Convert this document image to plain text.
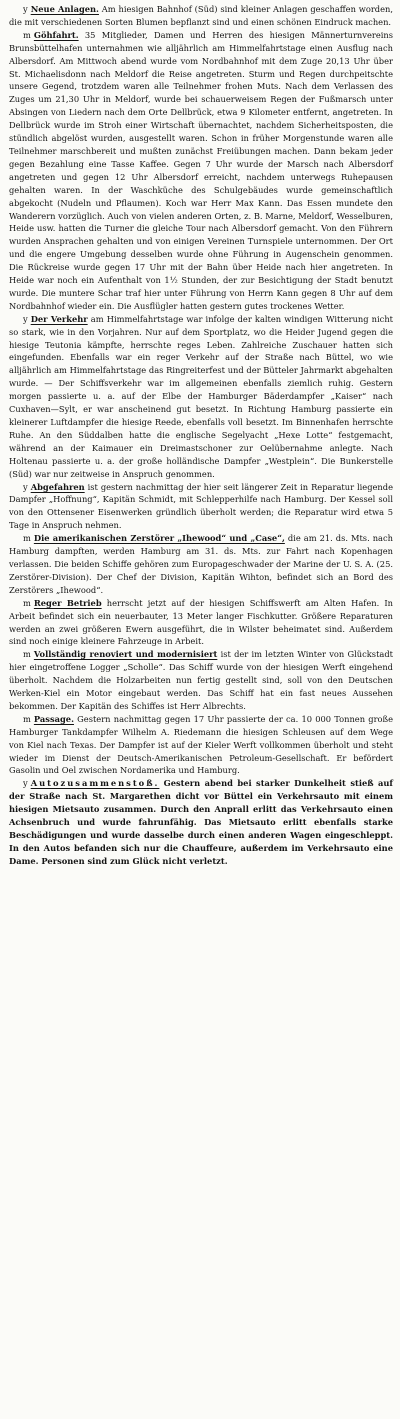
y Neue Anlagen. Am hiesigen Bahnhof (Süd) sind kleiner Anlagen geschaffen worden, die mit verschiedenen Sorten Blumen bepflanzt sind und einen schönen Eindruck machen.

m Göhfahrt. 35 Mitglieder, Damen und Herren des hiesigen Männerturnvereins Brunsbüttelhafen unternahmen wie alljährlich am Himmelfahrtstage einen Ausflug nach Albersdorf. Am Mittwoch abend wurde vom Nordbahnhof mit dem Zuge 20,13 Uhr über St. Michaelisdonn nach Meldorf die Reise angetreten. Sturm und Regen durchpeitschte unsere Gegend, trotzdem waren alle Teilnehmer frohen Muts. Nach dem Verlassen des Zuges um 21,30 Uhr in Meldorf, wurde bei schauerweisem Regen der Fußmarsch unter Absingen von Liedern nach dem Orte Dellbrück, etwa 9 Kilometer entfernt, angetreten. In Dellbrück wurde im Stroh einer Wirtschaft übernachtet, nachdem Sicherheitsposten, die stündlich abgelöst wurden, ausgestellt waren. Schon in früher Morgenstunde waren alle Teilnehmer marschbereit und mußten zunächst Freiübungen machen. Dann bekam jeder gegen Bezahlung eine Tasse Kaffee. Gegen 7 Uhr wurde der Marsch nach Albersdorf angetreten und gegen 12 Uhr Albersdorf erreicht, nachdem unterwegs Ruhepausen gehalten waren. In der Waschküche des Schulgebäudes wurde gemeinschaftlich abgekocht (Nudeln und Pflaumen). Koch war Herr Max Kann. Das Essen mundete den Wanderern vorzüglich. Auch von vielen anderen Orten, z. B. Marne, Meldorf, Wesselburen, Heide usw. hatten die Turner die gleiche Tour nach Albersdorf gemacht. Von den Führern wurden Ansprachen gehalten und von einigen Vereinen Turnspiele unternommen. Der Ort und die engere Umgebung desselben wurde ohne Führung in Augenschein genommen. Die Rückreise wurde gegen 17 Uhr mit der Bahn über Heide nach hier angetreten. In Heide war noch ein Aufenthalt von 1½ Stunden, der zur Besichtigung der Stadt benutzt wurde. Die muntere Schar traf hier unter Führung von Herrn Kann gegen 8 Uhr auf dem Nordbahnhof wieder ein. Die Ausflügler hatten gestern gutes trockenes Wetter.

y Der Verkehr am Himmelfahrtstage war infolge der kalten windigen Witterung nicht so stark, wie in den Vorjahren. Nur auf dem Sportplatz, wo die Heider Jugend gegen die hiesige Teutonia kämpfte, herrschte reges Leben. Zahlreiche Zuschauer hatten sich eingefunden. Ebenfalls war ein reger Verkehr auf der Straße nach Büttel, wo wie alljährlich am Himmelfahrtstage das Ringreiterfest und der Bütteler Jahrmarkt abgehalten wurde. — Der Schiffsverkehr war im allgemeinen ebenfalls ziemlich ruhig. Gestern morgen passierte u. a. auf der Elbe der Hamburger Bäderdampfer „Kaiser“ nach Cuxhaven—Sylt, er war anscheinend gut besetzt. In Richtung Hamburg passierte ein kleinerer Luftdampfer die hiesige Reede, ebenfalls voll besetzt. Im Binnenhafen herrschte Ruhe. An den Süddalben hatte die englische Segelyacht „Hexe Lotte“ festgemacht, während an der Kaimauer ein Dreimastschoner zur Oelübernahme anlegte. Nach Holtenau passierte u. a. der große holländische Dampfer „Westplein“. Die Bunkerstelle (Süd) war nur zeitweise in Anspruch genommen.

y Abgefahren ist gestern nachmittag der hier seit längerer Zeit in Reparatur liegende Dampfer „Hoffnung“, Kapitän Schmidt, mit Schlepperhilfe nach Hamburg. Der Kessel soll von den Ottensener Eisenwerken gründlich überholt werden; die Reparatur wird etwa 5 Tage in Anspruch nehmen.

m Die amerikanischen Zerstörer „Ihewood“ und „Case“, die am 21. ds. Mts. nach Hamburg dampften, werden Hamburg am 31. ds. Mts. zur Fahrt nach Kopenhagen verlassen. Die beiden Schiffe gehören zum Europageschwader der Marine der U. S. A. (25. Zerstörer-Division). Der Chef der Division, Kapitän Wihton, befindet sich an Bord des Zerstörers „Ihewood“.

m Reger Betrieb herrscht jetzt auf der hiesigen Schiffswerft am Alten Hafen. In Arbeit befindet sich ein neuerbauter, 13 Meter langer Fischkutter. Größere Reparaturen werden an zwei größeren Ewern ausgeführt, die in Wilster beheimatet sind. Außerdem sind noch einige kleinere Fahrzeuge in Arbeit.

m Vollständig renoviert und modernisiert ist der im letzten Winter von Glückstadt hier eingetroffene Logger „Scholle“. Das Schiff wurde von der hiesigen Werft eingehend überholt. Nachdem die Holzarbeiten nun fertig gestellt sind, soll von den Deutschen Werken-Kiel ein Motor eingebaut werden. Das Schiff hat ein fast neues Aussehen bekommen. Der Kapitän des Schiffes ist Herr Albrechts.

m Passage. Gestern nachmittag gegen 17 Uhr passierte der ca. 10 000 Tonnen große Hamburger Tankdampfer Wilhelm A. Riedemann die hiesigen Schleusen auf dem Wege von Kiel nach Texas. Der Dampfer ist auf der Kieler Werft vollkommen überholt und steht wieder im Dienst der Deutsch-Amerikanischen Petroleum-Gesellschaft. Er befördert Gasolin und Oel zwischen Nordamerika und Hamburg.

y Autozusammenstoß. Gestern abend bei starker Dunkelheit stieß auf der Straße nach St. Margarethen dicht vor Büttel ein Verkehrsauto mit einem hiesigen Mietsauto zusammen. Durch den Anprall erlitt das Verkehrsauto einen Achsenbruch und wurde fahrunfähig. Das Mietsauto erlitt ebenfalls starke Beschädigungen und wurde dasselbe durch einen anderen Wagen eingeschleppt. In den Autos befanden sich nur die Chauffeure, außerdem im Verkehrsauto eine Dame. Personen sind zum Glück nicht verletzt.
